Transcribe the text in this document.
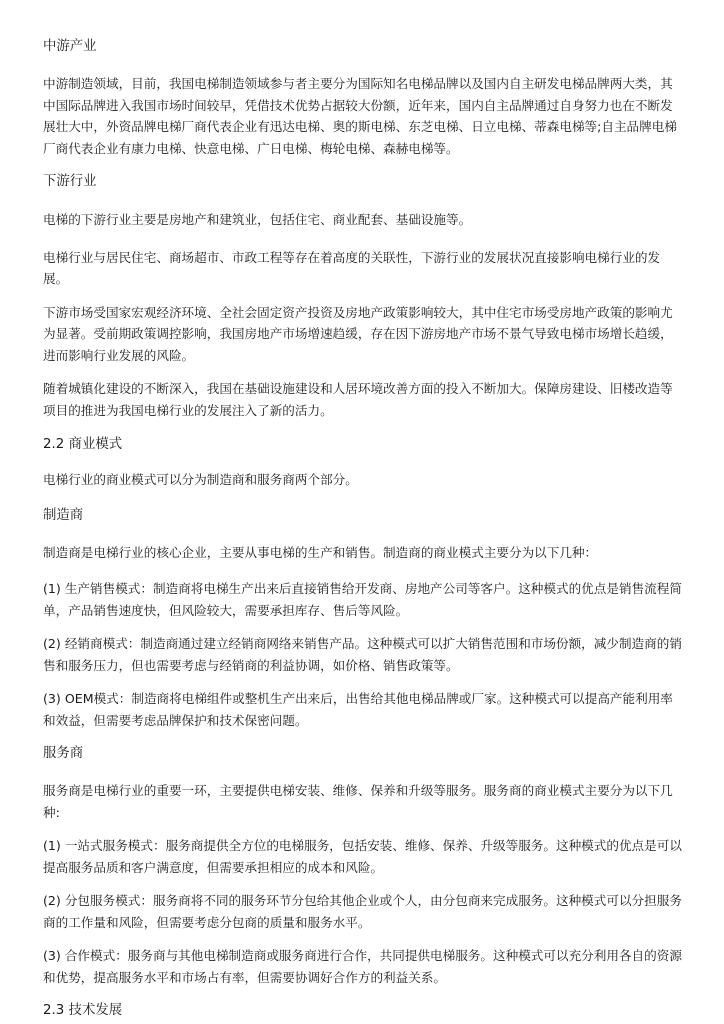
中游产业

中游制造领域，目前，我国电梯制造领域参与者主要分为国际知名电梯品牌以及国内自主研发电梯品牌两大类，其中国际品牌进入我国市场时间较早，凭借技术优势占据较大份额，近年来，国内自主品牌通过自身努力也在不断发展壮大中，外资品牌电梯厂商代表企业有迅达电梯、奥的斯电梯、东芝电梯、日立电梯、蒂森电梯等;自主品牌电梯厂商代表企业有康力电梯、快意电梯、广日电梯、梅轮电梯、森赫电梯等。

下游行业

电梯的下游行业主要是房地产和建筑业，包括住宅、商业配套、基础设施等。

电梯行业与居民住宅、商场超市、市政工程等存在着高度的关联性，下游行业的发展状况直接影响电梯行业的发展。

下游市场受国家宏观经济环境、全社会固定资产投资及房地产政策影响较大，其中住宅市场受房地产政策的影响尤为显著。受前期政策调控影响，我国房地产市场增速趋缓，存在因下游房地产市场不景气导致电梯市场增长趋缓，进而影响行业发展的风险。

随着城镇化建设的不断深入，我国在基础设施建设和人居环境改善方面的投入不断加大。保障房建设、旧楼改造等项目的推进为我国电梯行业的发展注入了新的活力。

2.2 商业模式

电梯行业的商业模式可以分为制造商和服务商两个部分。

制造商

制造商是电梯行业的核心企业，主要从事电梯的生产和销售。制造商的商业模式主要分为以下几种：

(1) 生产销售模式：制造商将电梯生产出来后直接销售给开发商、房地产公司等客户。这种模式的优点是销售流程简单，产品销售速度快，但风险较大，需要承担库存、售后等风险。

(2) 经销商模式：制造商通过建立经销商网络来销售产品。这种模式可以扩大销售范围和市场份额，减少制造商的销售和服务压力，但也需要考虑与经销商的利益协调，如价格、销售政策等。

(3) OEM模式：制造商将电梯组件或整机生产出来后，出售给其他电梯品牌或厂家。这种模式可以提高产能利用率和效益，但需要考虑品牌保护和技术保密问题。

服务商

服务商是电梯行业的重要一环，主要提供电梯安装、维修、保养和升级等服务。服务商的商业模式主要分为以下几种:

(1) 一站式服务模式：服务商提供全方位的电梯服务，包括安装、维修、保养、升级等服务。这种模式的优点是可以提高服务品质和客户满意度，但需要承担相应的成本和风险。

(2) 分包服务模式：服务商将不同的服务环节分包给其他企业或个人，由分包商来完成服务。这种模式可以分担服务商的工作量和风险，但需要考虑分包商的质量和服务水平。

(3) 合作模式：服务商与其他电梯制造商或服务商进行合作，共同提供电梯服务。这种模式可以充分利用各自的资源和优势，提高服务水平和市场占有率，但需要协调好合作方的利益关系。

2.3 技术发展
